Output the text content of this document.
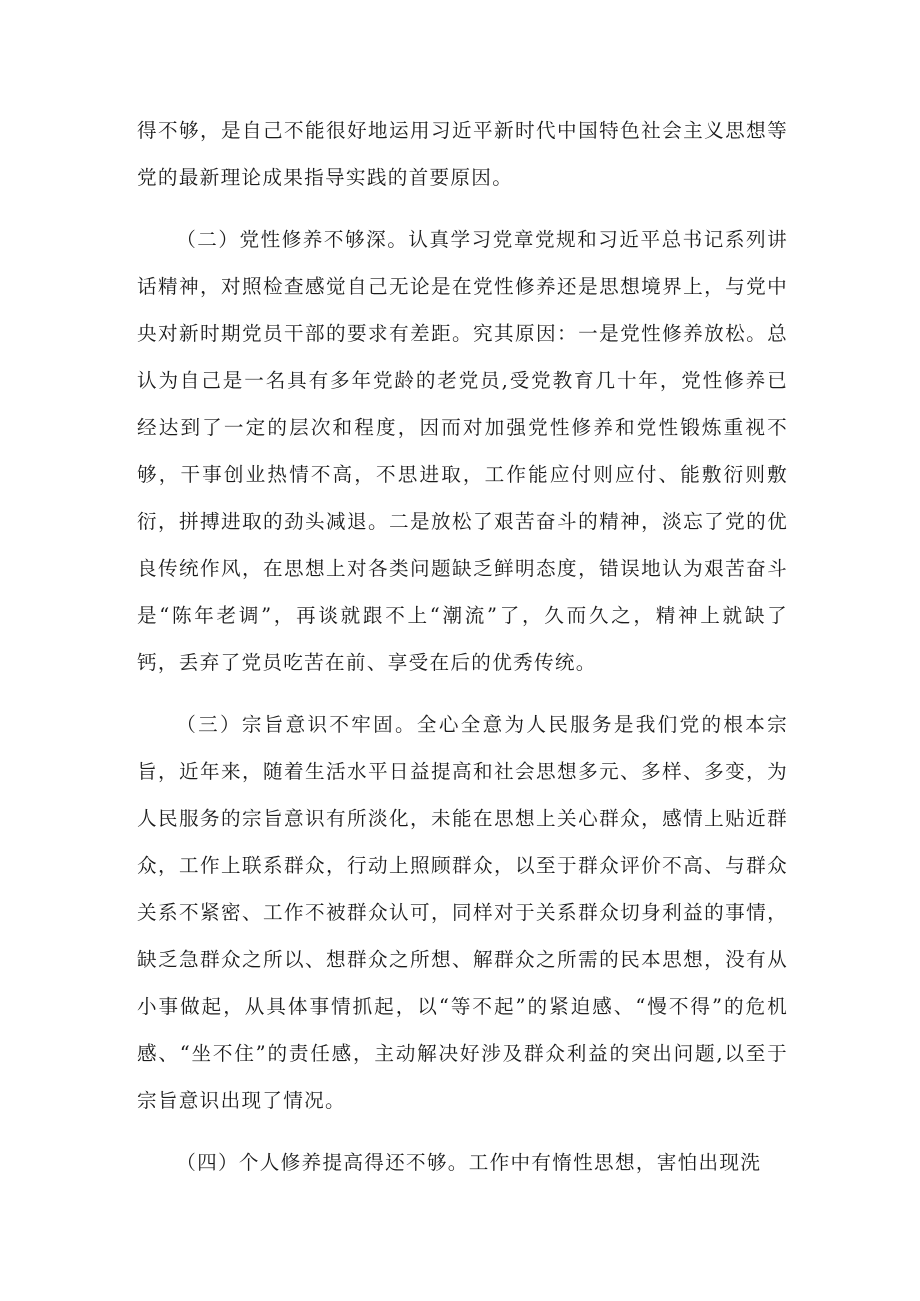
得不够，是自己不能很好地运用习近平新时代中国特色社会主义思想等党的最新理论成果指导实践的首要原因。

（二）党性修养不够深。认真学习党章党规和习近平总书记系列讲话精神，对照检查感觉自己无论是在党性修养还是思想境界上，与党中央对新时期党员干部的要求有差距。究其原因：一是党性修养放松。总认为自己是一名具有多年党龄的老党员,受党教育几十年，党性修养已经达到了一定的层次和程度，因而对加强党性修养和党性锻炼重视不够，干事创业热情不高，不思进取，工作能应付则应付、能敷衍则敷衍，拼搏进取的劲头减退。二是放松了艰苦奋斗的精神，淡忘了党的优良传统作风，在思想上对各类问题缺乏鲜明态度，错误地认为艰苦奋斗是“陈年老调”，再谈就跟不上“潮流”了，久而久之，精神上就缺了钙，丢弃了党员吃苦在前、享受在后的优秀传统。

（三）宗旨意识不牢固。全心全意为人民服务是我们党的根本宗旨，近年来，随着生活水平日益提高和社会思想多元、多样、多变，为人民服务的宗旨意识有所淡化，未能在思想上关心群众，感情上贴近群众，工作上联系群众，行动上照顾群众，以至于群众评价不高、与群众关系不紧密、工作不被群众认可，同样对于关系群众切身利益的事情，缺乏急群众之所以、想群众之所想、解群众之所需的民本思想，没有从小事做起，从具体事情抓起，以“等不起”的紧迫感、“慢不得”的危机感、“坐不住”的责任感，主动解决好涉及群众利益的突出问题,以至于宗旨意识出现了情况。

（四）个人修养提高得还不够。工作中有惰性思想，害怕出现洗
